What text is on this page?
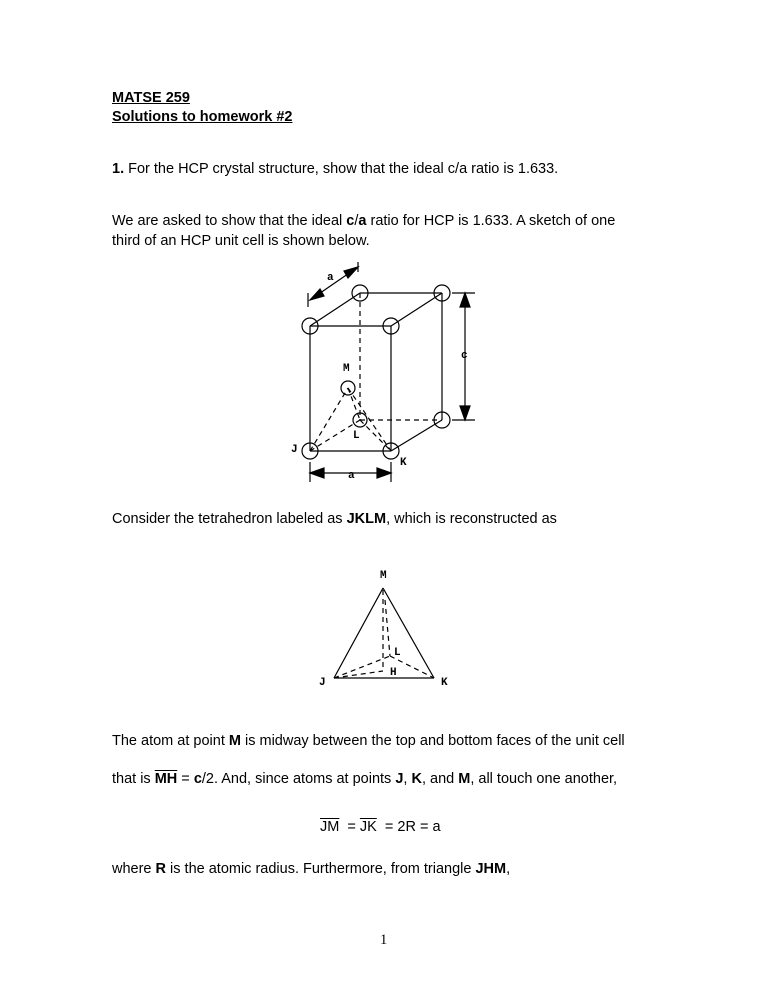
MATSE 259
Solutions to homework #2
1. For the HCP crystal structure, show that the ideal c/a ratio is 1.633.
We are asked to show that the ideal c/a ratio for HCP is 1.633. A sketch of one
third of an HCP unit cell is shown below.
a
c
M
L
J
K
a
Consider the tetrahedron labeled as JKLM, which is reconstructed as
M
L
H
J	K
The atom at point M is midway between the top and bottom faces of the unit cell
that is $\overline{MH} = c/2$. And, since atoms at points J, K, and M, all touch one another,
$\overline{JM} = \overline{JK} = 2R = a$
where R is the atomic radius. Furthermore, from triangle JHM,
1
